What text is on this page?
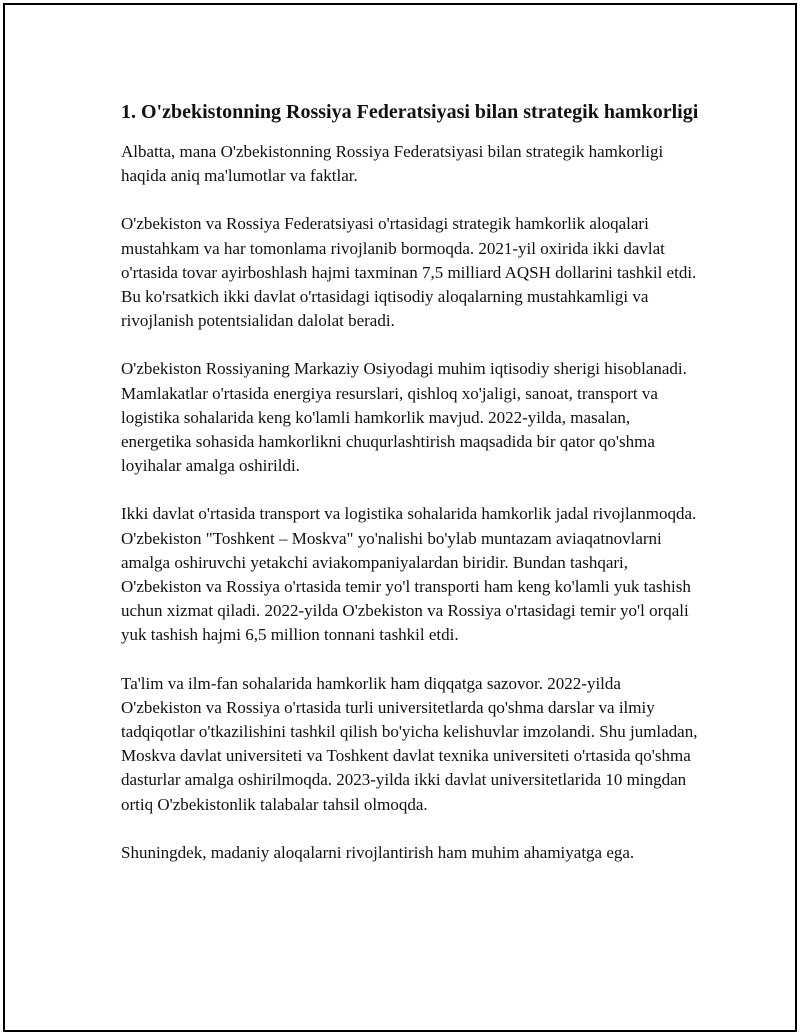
1. O'zbekistonning Rossiya Federatsiyasi bilan strategik hamkorligi

Albatta, mana O'zbekistonning Rossiya Federatsiyasi bilan strategik hamkorligi haqida aniq ma'lumotlar va faktlar.

O'zbekiston va Rossiya Federatsiyasi o'rtasidagi strategik hamkorlik aloqalari mustahkam va har tomonlama rivojlanib bormoqda. 2021-yil oxirida ikki davlat o'rtasida tovar ayirboshlash hajmi taxminan 7,5 milliard AQSH dollarini tashkil etdi. Bu ko'rsatkich ikki davlat o'rtasidagi iqtisodiy aloqalarning mustahkamligi va rivojlanish potentsialidan dalolat beradi.

O'zbekiston Rossiyaning Markaziy Osiyodagi muhim iqtisodiy sherigi hisoblanadi. Mamlakatlar o'rtasida energiya resurslari, qishloq xo'jaligi, sanoat, transport va logistika sohalarida keng ko'lamli hamkorlik mavjud. 2022-yilda, masalan, energetika sohasida hamkorlikni chuqurlashtirish maqsadida bir qator qo'shma loyihalar amalga oshirildi.

Ikki davlat o'rtasida transport va logistika sohalarida hamkorlik jadal rivojlanmoqda. O'zbekiston "Toshkent – Moskva" yo'nalishi bo'ylab muntazam aviaqatnovlarni amalga oshiruvchi yetakchi aviakompaniyalardan biridir. Bundan tashqari, O'zbekiston va Rossiya o'rtasida temir yo'l transporti ham keng ko'lamli yuk tashish uchun xizmat qiladi. 2022-yilda O'zbekiston va Rossiya o'rtasidagi temir yo'l orqali yuk tashish hajmi 6,5 million tonnani tashkil etdi.

Ta'lim va ilm-fan sohalarida hamkorlik ham diqqatga sazovor. 2022-yilda O'zbekiston va Rossiya o'rtasida turli universitetlarda qo'shma darslar va ilmiy tadqiqotlar o'tkazilishini tashkil qilish bo'yicha kelishuvlar imzolandi. Shu jumladan, Moskva davlat universiteti va Toshkent davlat texnika universiteti o'rtasida qo'shma dasturlar amalga oshirilmoqda. 2023-yilda ikki davlat universitetlarida 10 mingdan ortiq O'zbekistonlik talabalar tahsil olmoqda.

Shuningdek, madaniy aloqalarni rivojlantirish ham muhim ahamiyatga ega.
